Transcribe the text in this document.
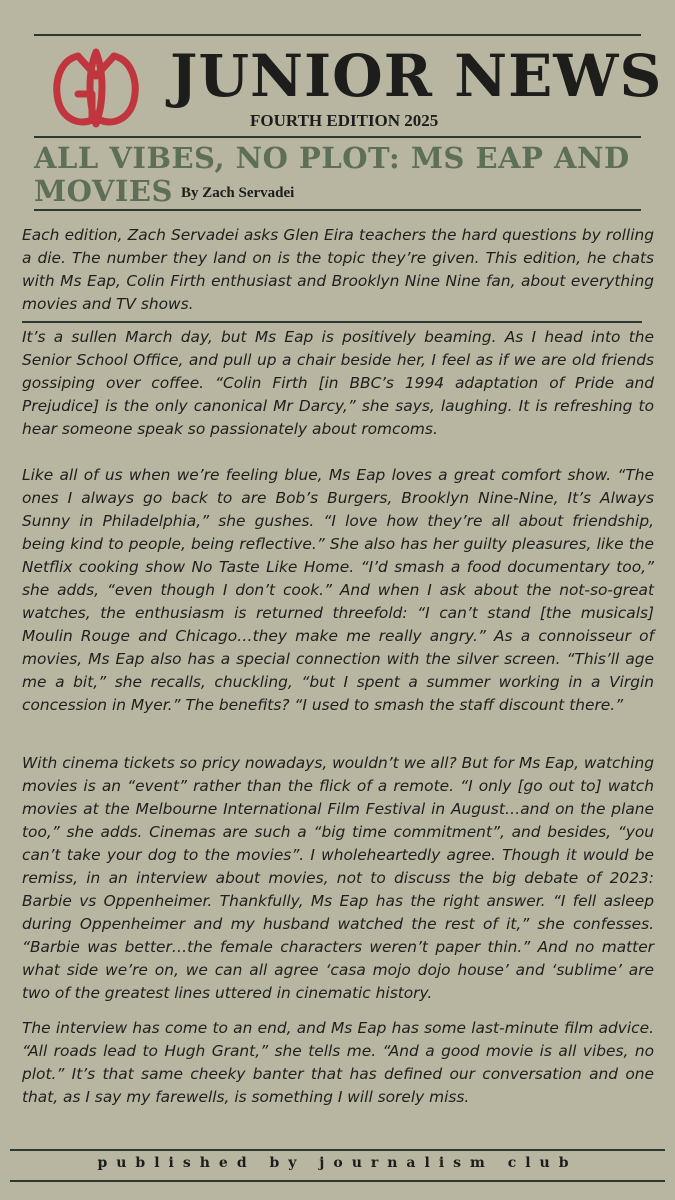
JUNIOR NEWS
FOURTH EDITION 2025
ALL VIBES, NO PLOT: MS EAP AND MOVIES By Zach Servadei

Each edition, Zach Servadei asks Glen Eira teachers the hard questions by rolling a die. The number they land on is the topic they’re given. This edition, he chats with Ms Eap, Colin Firth enthusiast and Brooklyn Nine Nine fan, about everything movies and TV shows.

It’s a sullen March day, but Ms Eap is positively beaming. As I head into the Senior School Office, and pull up a chair beside her, I feel as if we are old friends gossiping over coffee. “Colin Firth [in BBC’s 1994 adaptation of Pride and Prejudice] is the only canonical Mr Darcy,” she says, laughing. It is refreshing to hear someone speak so passionately about romcoms.

Like all of us when we’re feeling blue, Ms Eap loves a great comfort show. “The ones I always go back to are Bob’s Burgers, Brooklyn Nine-Nine, It’s Always Sunny in Philadelphia,” she gushes. “I love how they’re all about friendship, being kind to people, being reflective.” She also has her guilty pleasures, like the Netflix cooking show No Taste Like Home. “I’d smash a food documentary too,” she adds, “even though I don’t cook.” And when I ask about the not-so-great watches, the enthusiasm is returned threefold: “I can’t stand [the musicals] Moulin Rouge and Chicago…they make me really angry.” As a connoisseur of movies, Ms Eap also has a special connection with the silver screen. “This’ll age me a bit,” she recalls, chuckling, “but I spent a summer working in a Virgin concession in Myer.” The benefits? “I used to smash the staff discount there.”

With cinema tickets so pricy nowadays, wouldn’t we all? But for Ms Eap, watching movies is an “event” rather than the flick of a remote. “I only [go out to] watch movies at the Melbourne International Film Festival in August…and on the plane too,” she adds. Cinemas are such a “big time commitment”, and besides, “you can’t take your dog to the movies”. I wholeheartedly agree. Though it would be remiss, in an interview about movies, not to discuss the big debate of 2023: Barbie vs Oppenheimer. Thankfully, Ms Eap has the right answer. “I fell asleep during Oppenheimer and my husband watched the rest of it,” she confesses. “Barbie was better…the female characters weren’t paper thin.” And no matter what side we’re on, we can all agree ‘casa mojo dojo house’ and ‘sublime’ are two of the greatest lines uttered in cinematic history.

The interview has come to an end, and Ms Eap has some last-minute film advice. “All roads lead to Hugh Grant,” she tells me. “And a good movie is all vibes, no plot.” It’s that same cheeky banter that has defined our conversation and one that, as I say my farewells, is something I will sorely miss.

published by journalism club
